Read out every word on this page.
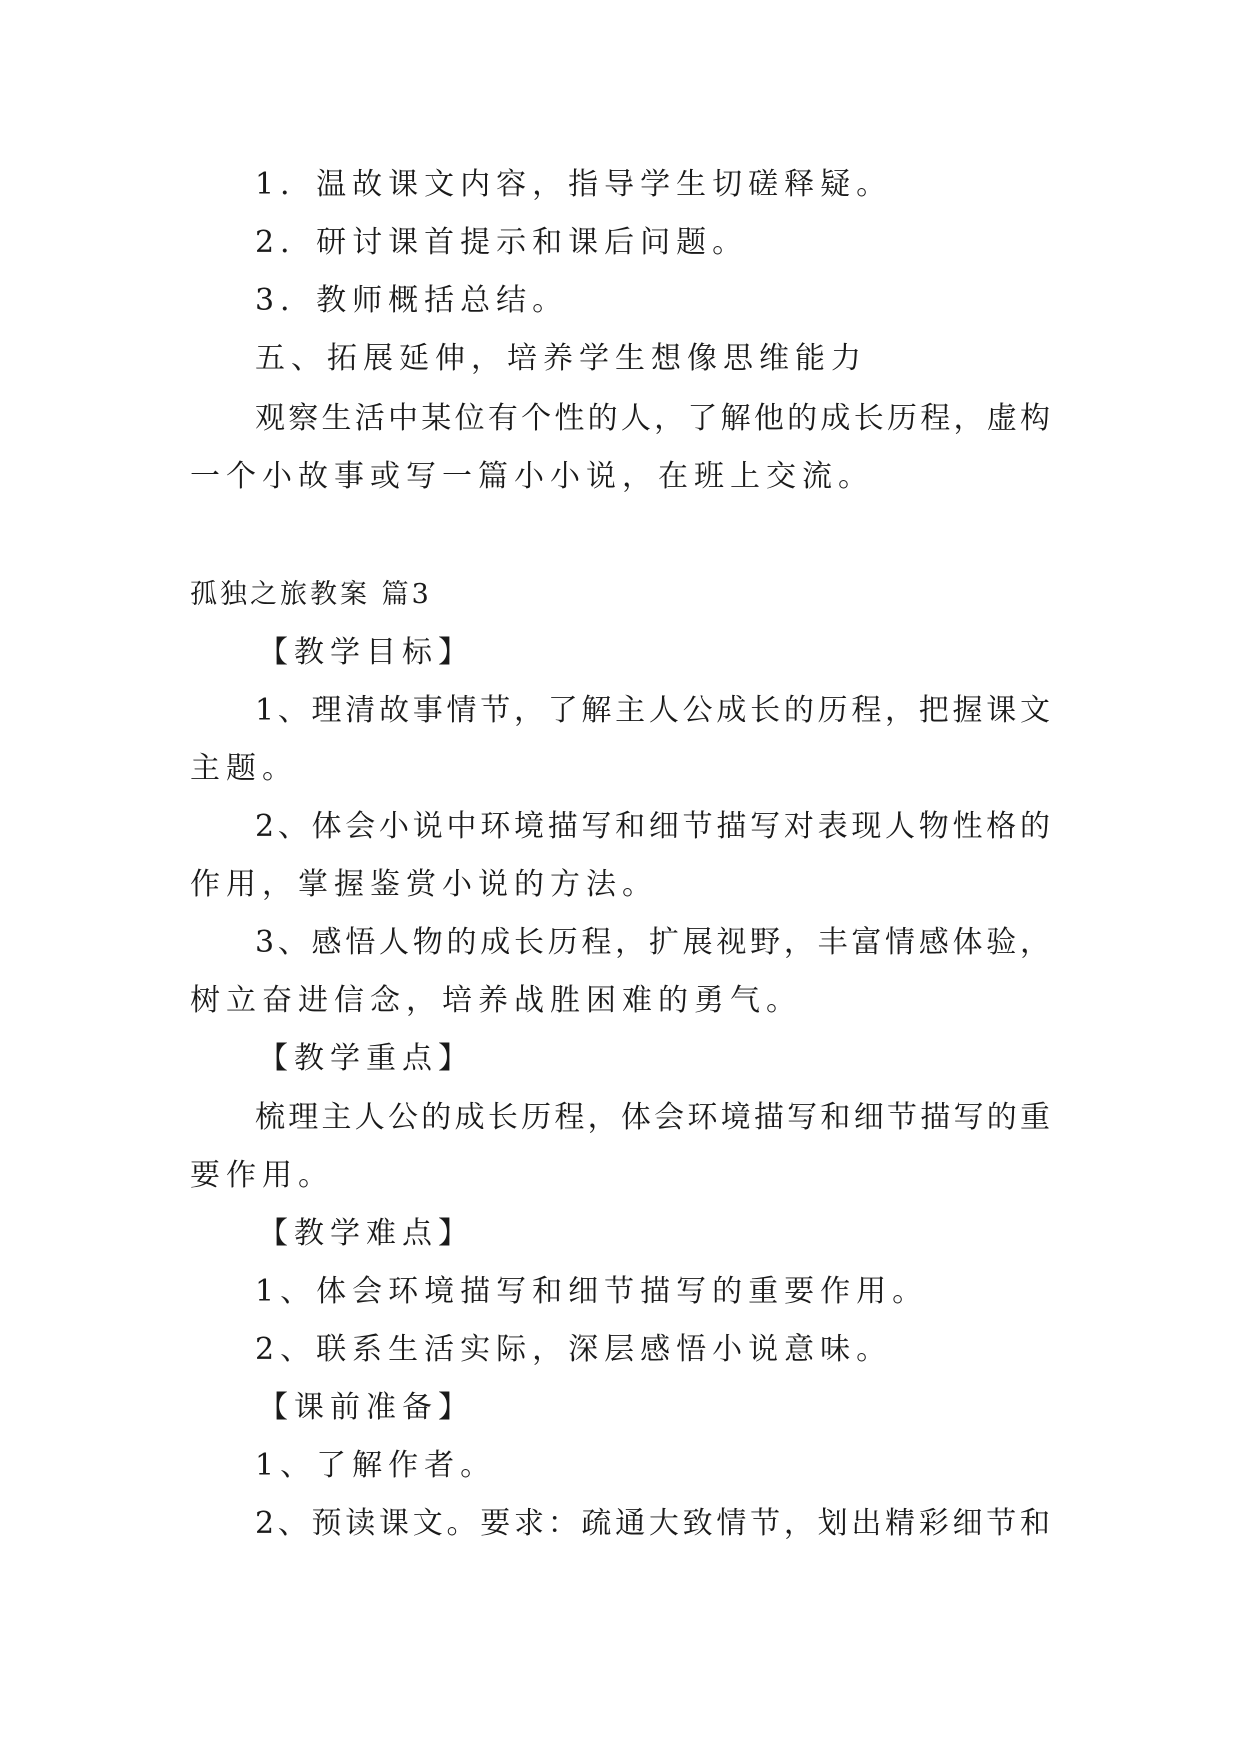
1．温故课文内容，指导学生切磋释疑。
2．研讨课首提示和课后问题。
3．教师概括总结。
五、拓展延伸，培养学生想像思维能力
观察生活中某位有个性的人，了解他的成长历程，虚构
一个小故事或写一篇小小说，在班上交流。
孤独之旅教案 篇3
【教学目标】
1、理清故事情节，了解主人公成长的历程，把握课文
主题。
2、体会小说中环境描写和细节描写对表现人物性格的
作用，掌握鉴赏小说的方法。
3、感悟人物的成长历程，扩展视野，丰富情感体验，
树立奋进信念，培养战胜困难的勇气。
【教学重点】
梳理主人公的成长历程，体会环境描写和细节描写的重
要作用。
【教学难点】
1、体会环境描写和细节描写的重要作用。
2、联系生活实际，深层感悟小说意味。
【课前准备】
1、了解作者。
2、预读课文。要求：疏通大致情节，划出精彩细节和
